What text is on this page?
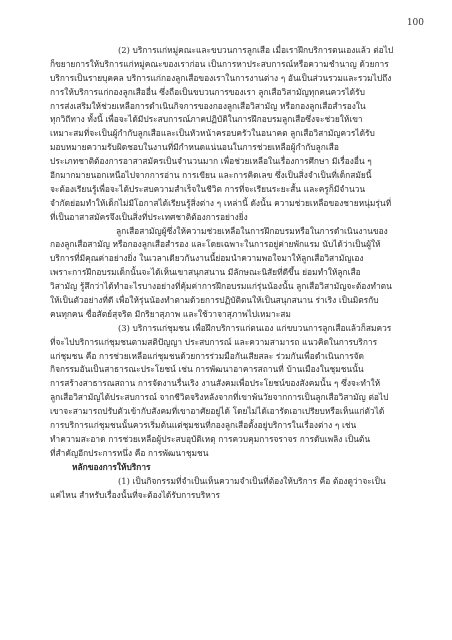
100
(2) บริการแก่หมู่คณะและขบวนการลูกเสือ เมื่อเราฝึกบริการตนเองแล้ว ต่อไป
ก็ขยายการให้บริการแก่หมู่คณะของเราก่อน เป็นการหาประสบการณ์หรือความชำนาญ ด้วยการ
บริการเป็นรายบุคคล บริการแก่กองลูกเสือของเราในการงานต่าง ๆ อันเป็นส่วนรวมและรวมไปถึง
การให้บริการแก่กองลูกเสืออื่น ซึ่งถือเป็นขบวนการของเรา ลูกเสือวิสามัญทุกคนควรได้รับ
การส่งเสริมให้ช่วยเหลือการดำเนินกิจการของกองลูกเสือวิสามัญ หรือกองลูกเสือสำรองใน
ทุกวิถีทาง ทั้งนี้ เพื่อจะได้มีประสบการณ์ภาคปฏิบัติในการฝึกอบรมลูกเสือซึ่งจะช่วยให้เขา
เหมาะสมที่จะเป็นผู้กำกับลูกเสือและเป็นหัวหน้าครอบครัวในอนาคต ลูกเสือวิสามัญควรได้รับ
มอบหมายความรับผิดชอบในงานที่มีกำหนดแน่นอนในการช่วยเหลือผู้กำกับลูกเสือ
ประเภทชาติต้องการอาสาสมัครเป็นจำนวนมาก เพื่อช่วยเหลือในเรื่องการศึกษา มีเรื่องอื่น ๆ
อีกมากมายนอกเหนือไปจากการอ่าน การเขียน และการคิดเลข ซึ่งเป็นสิ่งจำเป็นที่เด็กสมัยนี้
จะต้องเรียนรู้เพื่อจะได้ประสบความสำเร็จในชีวิต การที่จะเรียนระยะสั้น และครูก็มีจำนวน
จำกัดย่อมทำให้เด็กไม่มีโอกาสได้เรียนรู้สิ่งต่าง ๆ เหล่านี้ ดังนั้น ความช่วยเหลือของชายหนุ่มรุ่นที่
ที่เป็นอาสาสมัครจึงเป็นสิ่งที่ประเทศชาติต้องการอย่างยิ่ง
ลูกเสือสามัญผู้ซึ่งให้ความช่วยเหลือในการฝึกอบรมหรือในการดำเนินงานของ
กองลูกเสือสามัญ หรือกองลูกเสือสำรอง และโดยเฉพาะในการอยู่ค่ายพักแรม นับได้ว่าเป็นผู้ให้
บริการที่มีคุณค่าอย่างยิ่ง ในเวลาเดียวกันงานนี้ย่อมนำความพอใจมาให้ลูกเสือวิสามัญเอง
เพราะการฝึกอบรมเด็กนั้นจะได้เห็นเขาสนุกสนาน มีลักษณะนิสัยที่ดีขึ้น ย่อมทำให้ลูกเสือ
วิสามัญ รู้สึกว่าได้ทำอะไรบางอย่างที่คุ้มค่าการฝึกอบรมแก่รุ่นน้องนั้น ลูกเสือวิสามัญจะต้องทำตน
ให้เป็นตัวอย่างที่ดี เพื่อให้รุ่นน้องทำตามด้วยการปฏิบัติตนให้เป็นสนุกสนาน ร่าเริง เป็นมิตรกับ
คนทุกคน ซื่อสัตย์สุจริต มีกริยาสุภาพ และใช้วาจาสุภาพไปเหมาะสม
(3) บริการแก่ชุมชน เพื่อฝึกบริการแก่ตนเอง แก่ขบวนการลูกเสือแล้วก็สมควร
ที่จะไปบริการแก่ชุมชนตามสติปัญญา ประสบการณ์ และความสามารถ แนวคิดในการบริการ
แก่ชุมชน คือ การช่วยเหลือแก่ชุมชนด้วยการร่วมมือกันเสียสละ ร่วมกันเพื่อดำเนินการจัด
กิจกรรมอันเป็นสาธารณะประโยชน์ เช่น การพัฒนาอาคารสถานที่ บ้านเมืองในชุมชนนั้น
การสร้างสาธารณสถาน การจัดงานรื่นเริง งานสังคมเพื่อประโยชน์ของสังคมนั้น ๆ ซึ่งจะทำให้
ลูกเสือวิสามัญได้ประสบการณ์ จากชีวิตจริงหลังจากที่เขาพ้นวัยจากการเป็นลูกเสือวิสามัญ ต่อไป
เขาจะสามารถปรับตัวเข้ากับสังคมที่เขาอาศัยอยู่ได้ โดยไม่ได้เอารัดเอาเปรียบหรือเห็นแก่ตัวได้
การบริการแก่ชุมชนนั้นควรเริ่มต้นแต่ชุมชนที่กองลูกเสือตั้งอยู่บริการในเรื่องต่าง ๆ เช่น
ทำความสะอาด การช่วยเหลือผู้ประสบอุบัติเหตุ การควบคุมการจราจร การดับเพลิง เป็นต้น
ที่สำคัญอีกประการหนึ่ง คือ การพัฒนาชุมชน
หลักของการให้บริการ
(1) เป็นกิจกรรมที่จำเป็นเห็นความจำเป็นที่ต้องให้บริการ คือ ต้องดูว่าจะเป็น
แค่ไหน สำหรับเรื่องนั้นที่จะต้องได้รับการบริหาร
